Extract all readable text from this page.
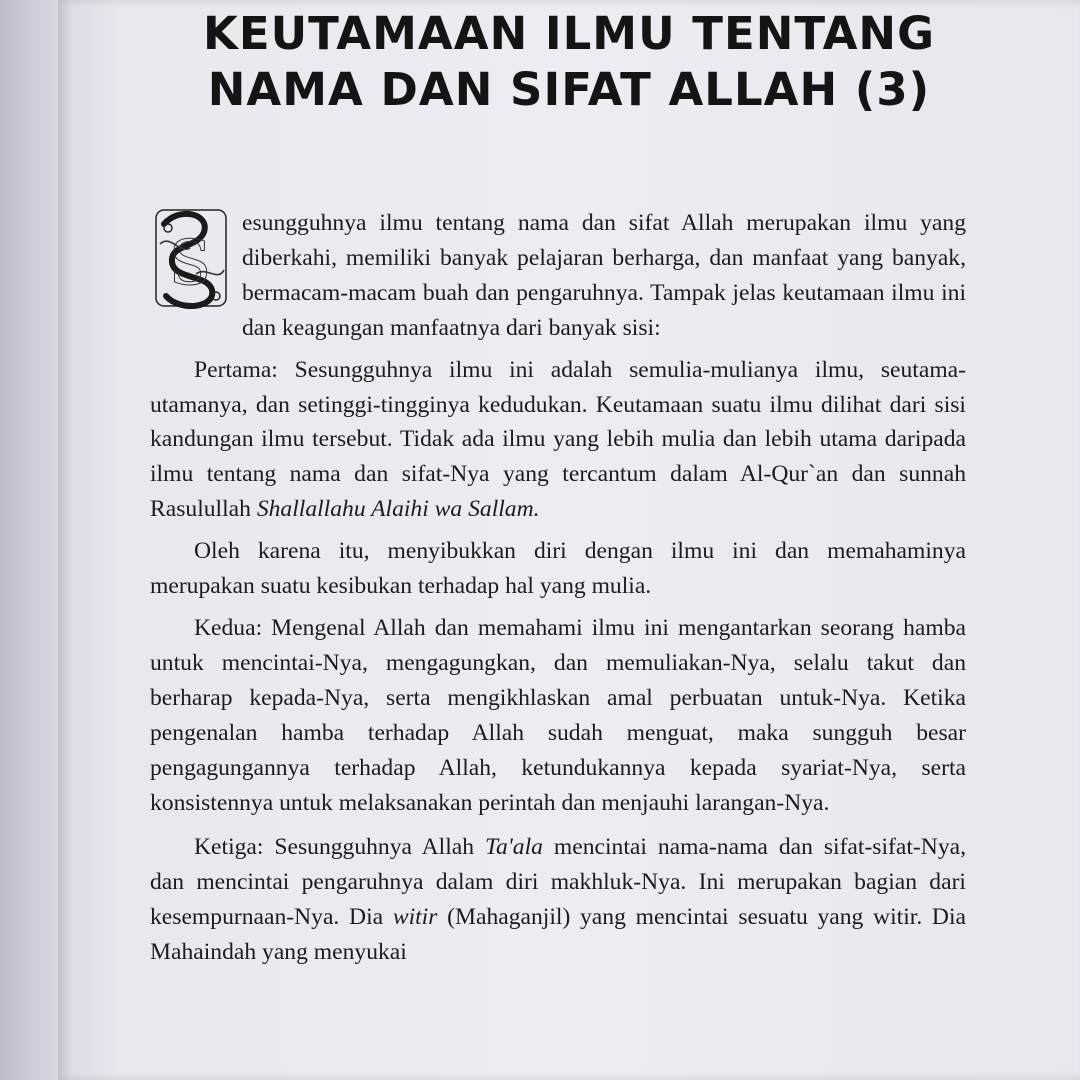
KEUTAMAAN ILMU TENTANG
NAMA DAN SIFAT ALLAH (3)

S
esungguhnya ilmu tentang nama dan sifat Allah merupakan ilmu yang diberkahi, memiliki banyak pelajaran berharga, dan manfaat yang banyak, bermacam-macam buah dan pengaruhnya. Tampak jelas keutamaan ilmu ini dan keagungan manfaatnya dari banyak sisi:

Pertama: Sesungguhnya ilmu ini adalah semulia-mulianya ilmu, seutama-utamanya, dan setinggi-tingginya kedudukan. Keutamaan suatu ilmu dilihat dari sisi kandungan ilmu tersebut. Tidak ada ilmu yang lebih mulia dan lebih utama daripada ilmu tentang nama dan sifat-Nya yang tercantum dalam Al-Qur`an dan sunnah Rasulullah Shallallahu Alaihi wa Sallam.

Oleh karena itu, menyibukkan diri dengan ilmu ini dan memahaminya merupakan suatu kesibukan terhadap hal yang mulia.

Kedua: Mengenal Allah dan memahami ilmu ini mengantarkan seorang hamba untuk mencintai-Nya, mengagungkan, dan memuliakan-Nya, selalu takut dan berharap kepada-Nya, serta mengikhlaskan amal perbuatan untuk-Nya. Ketika pengenalan hamba terhadap Allah sudah menguat, maka sungguh besar pengagungannya terhadap Allah, ketundukannya kepada syariat-Nya, serta konsistennya untuk melaksanakan perintah dan menjauhi larangan-Nya.

Ketiga: Sesungguhnya Allah Ta'ala mencintai nama-nama dan sifat-sifat-Nya, dan mencintai pengaruhnya dalam diri makhluk-Nya. Ini merupakan bagian dari kesempurnaan-Nya. Dia witir (Mahaganjil) yang mencintai sesuatu yang witir. Dia Mahaindah yang menyukai
